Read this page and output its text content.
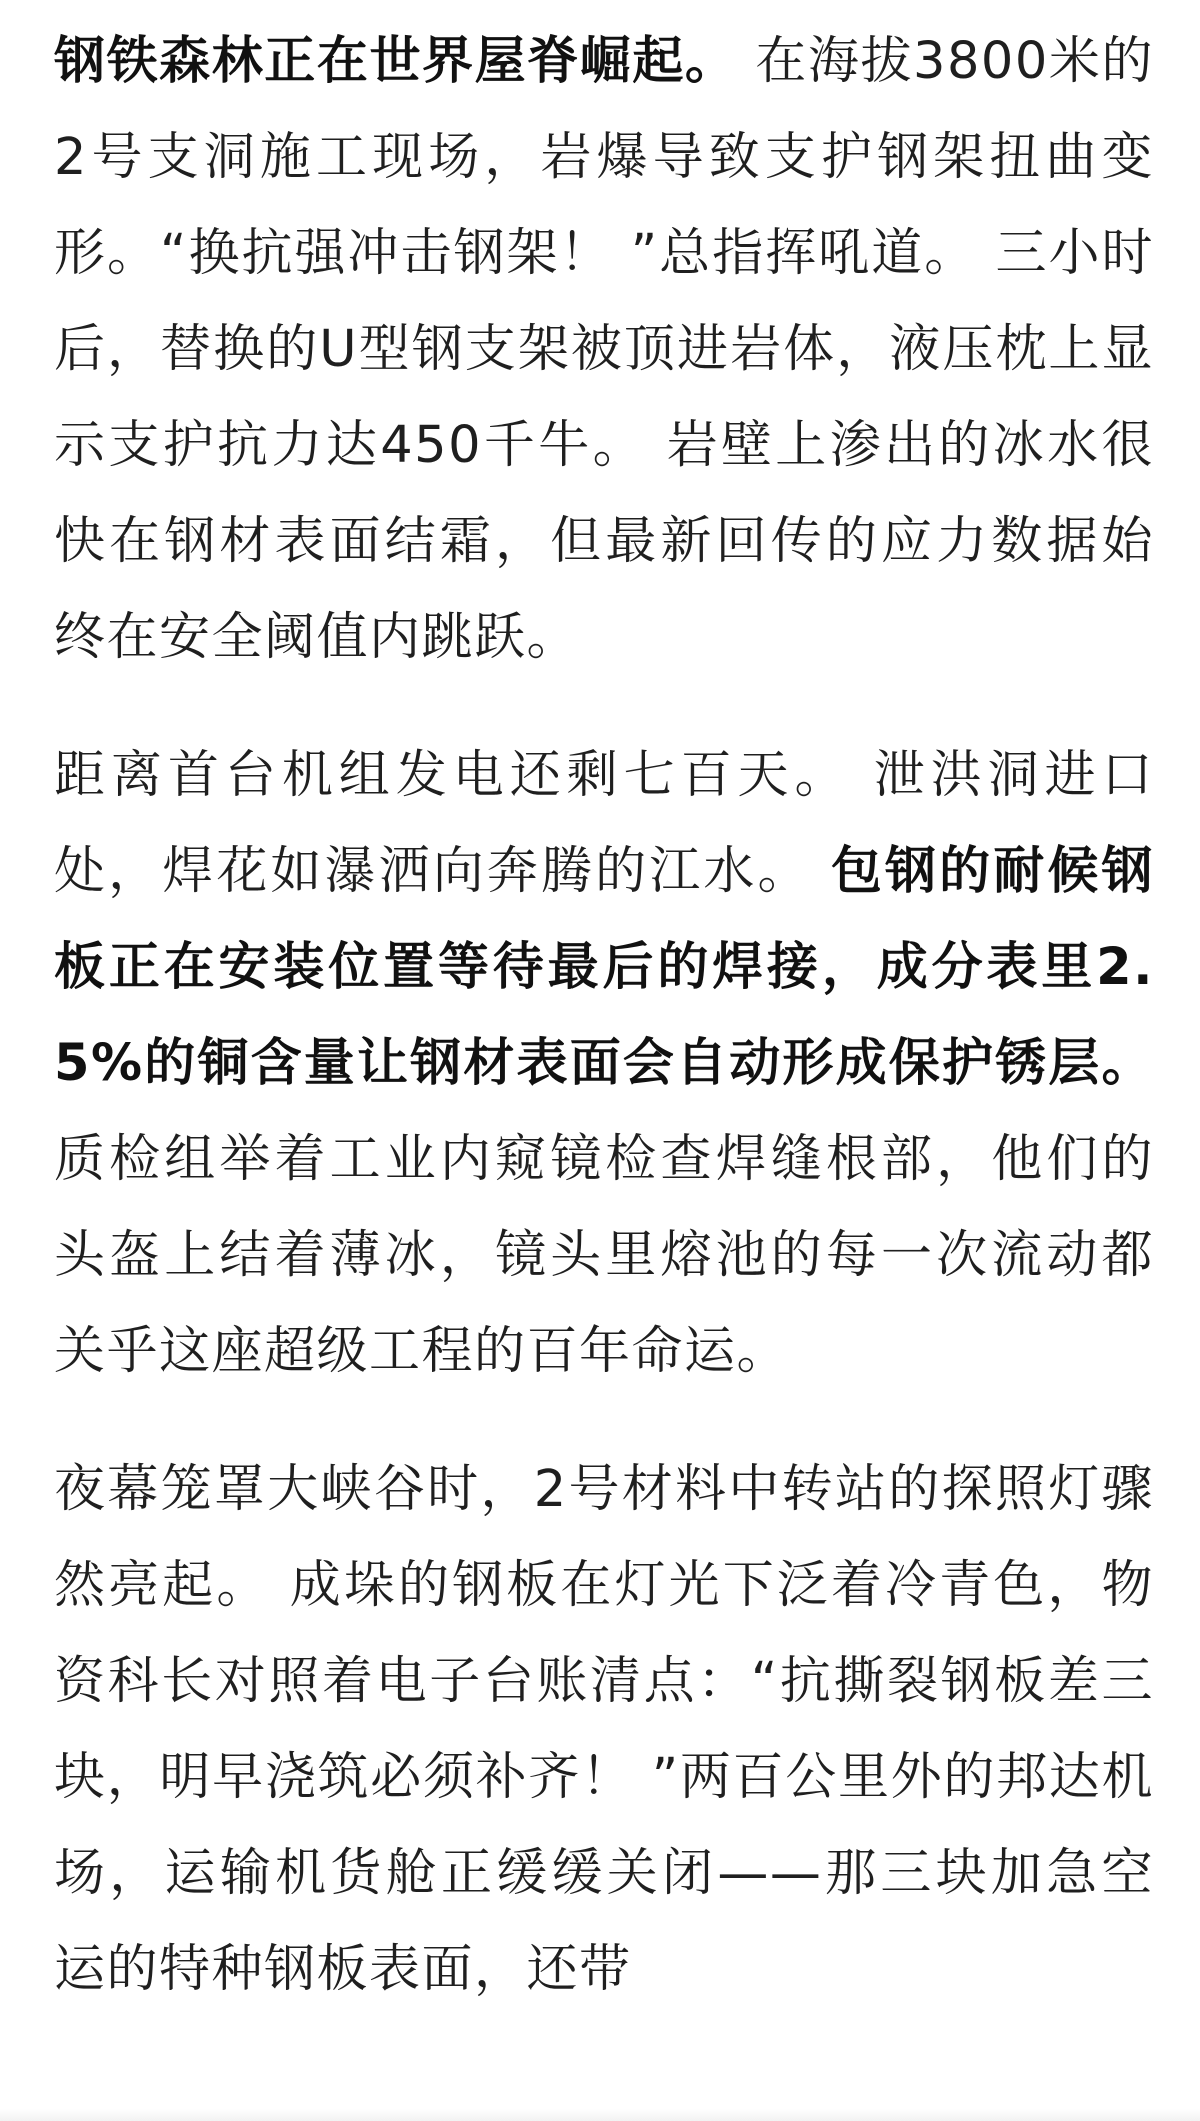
钢铁森林正在世界屋脊崛起。 在海拔3800米的2号支洞施工现场，岩爆导致支护钢架扭曲变形。“换抗强冲击钢架！ ”总指挥吼道。 三小时后，替换的U型钢支架被顶进岩体，液压枕上显示支护抗力达450千牛。 岩壁上渗出的冰水很快在钢材表面结霜，但最新回传的应力数据始终在安全阈值内跳跃。

距离首台机组发电还剩七百天。 泄洪洞进口处，焊花如瀑洒向奔腾的江水。 包钢的耐候钢板正在安装位置等待最后的焊接，成分表里2.5%的铜含量让钢材表面会自动形成保护锈层。 质检组举着工业内窥镜检查焊缝根部，他们的头盔上结着薄冰，镜头里熔池的每一次流动都关乎这座超级工程的百年命运。

夜幕笼罩大峡谷时，2号材料中转站的探照灯骤然亮起。 成垛的钢板在灯光下泛着冷青色，物资科长对照着电子台账清点：“抗撕裂钢板差三块，明早浇筑必须补齐！ ”两百公里外的邦达机场，运输机货舱正缓缓关闭——那三块加急空运的特种钢板表面，还带
